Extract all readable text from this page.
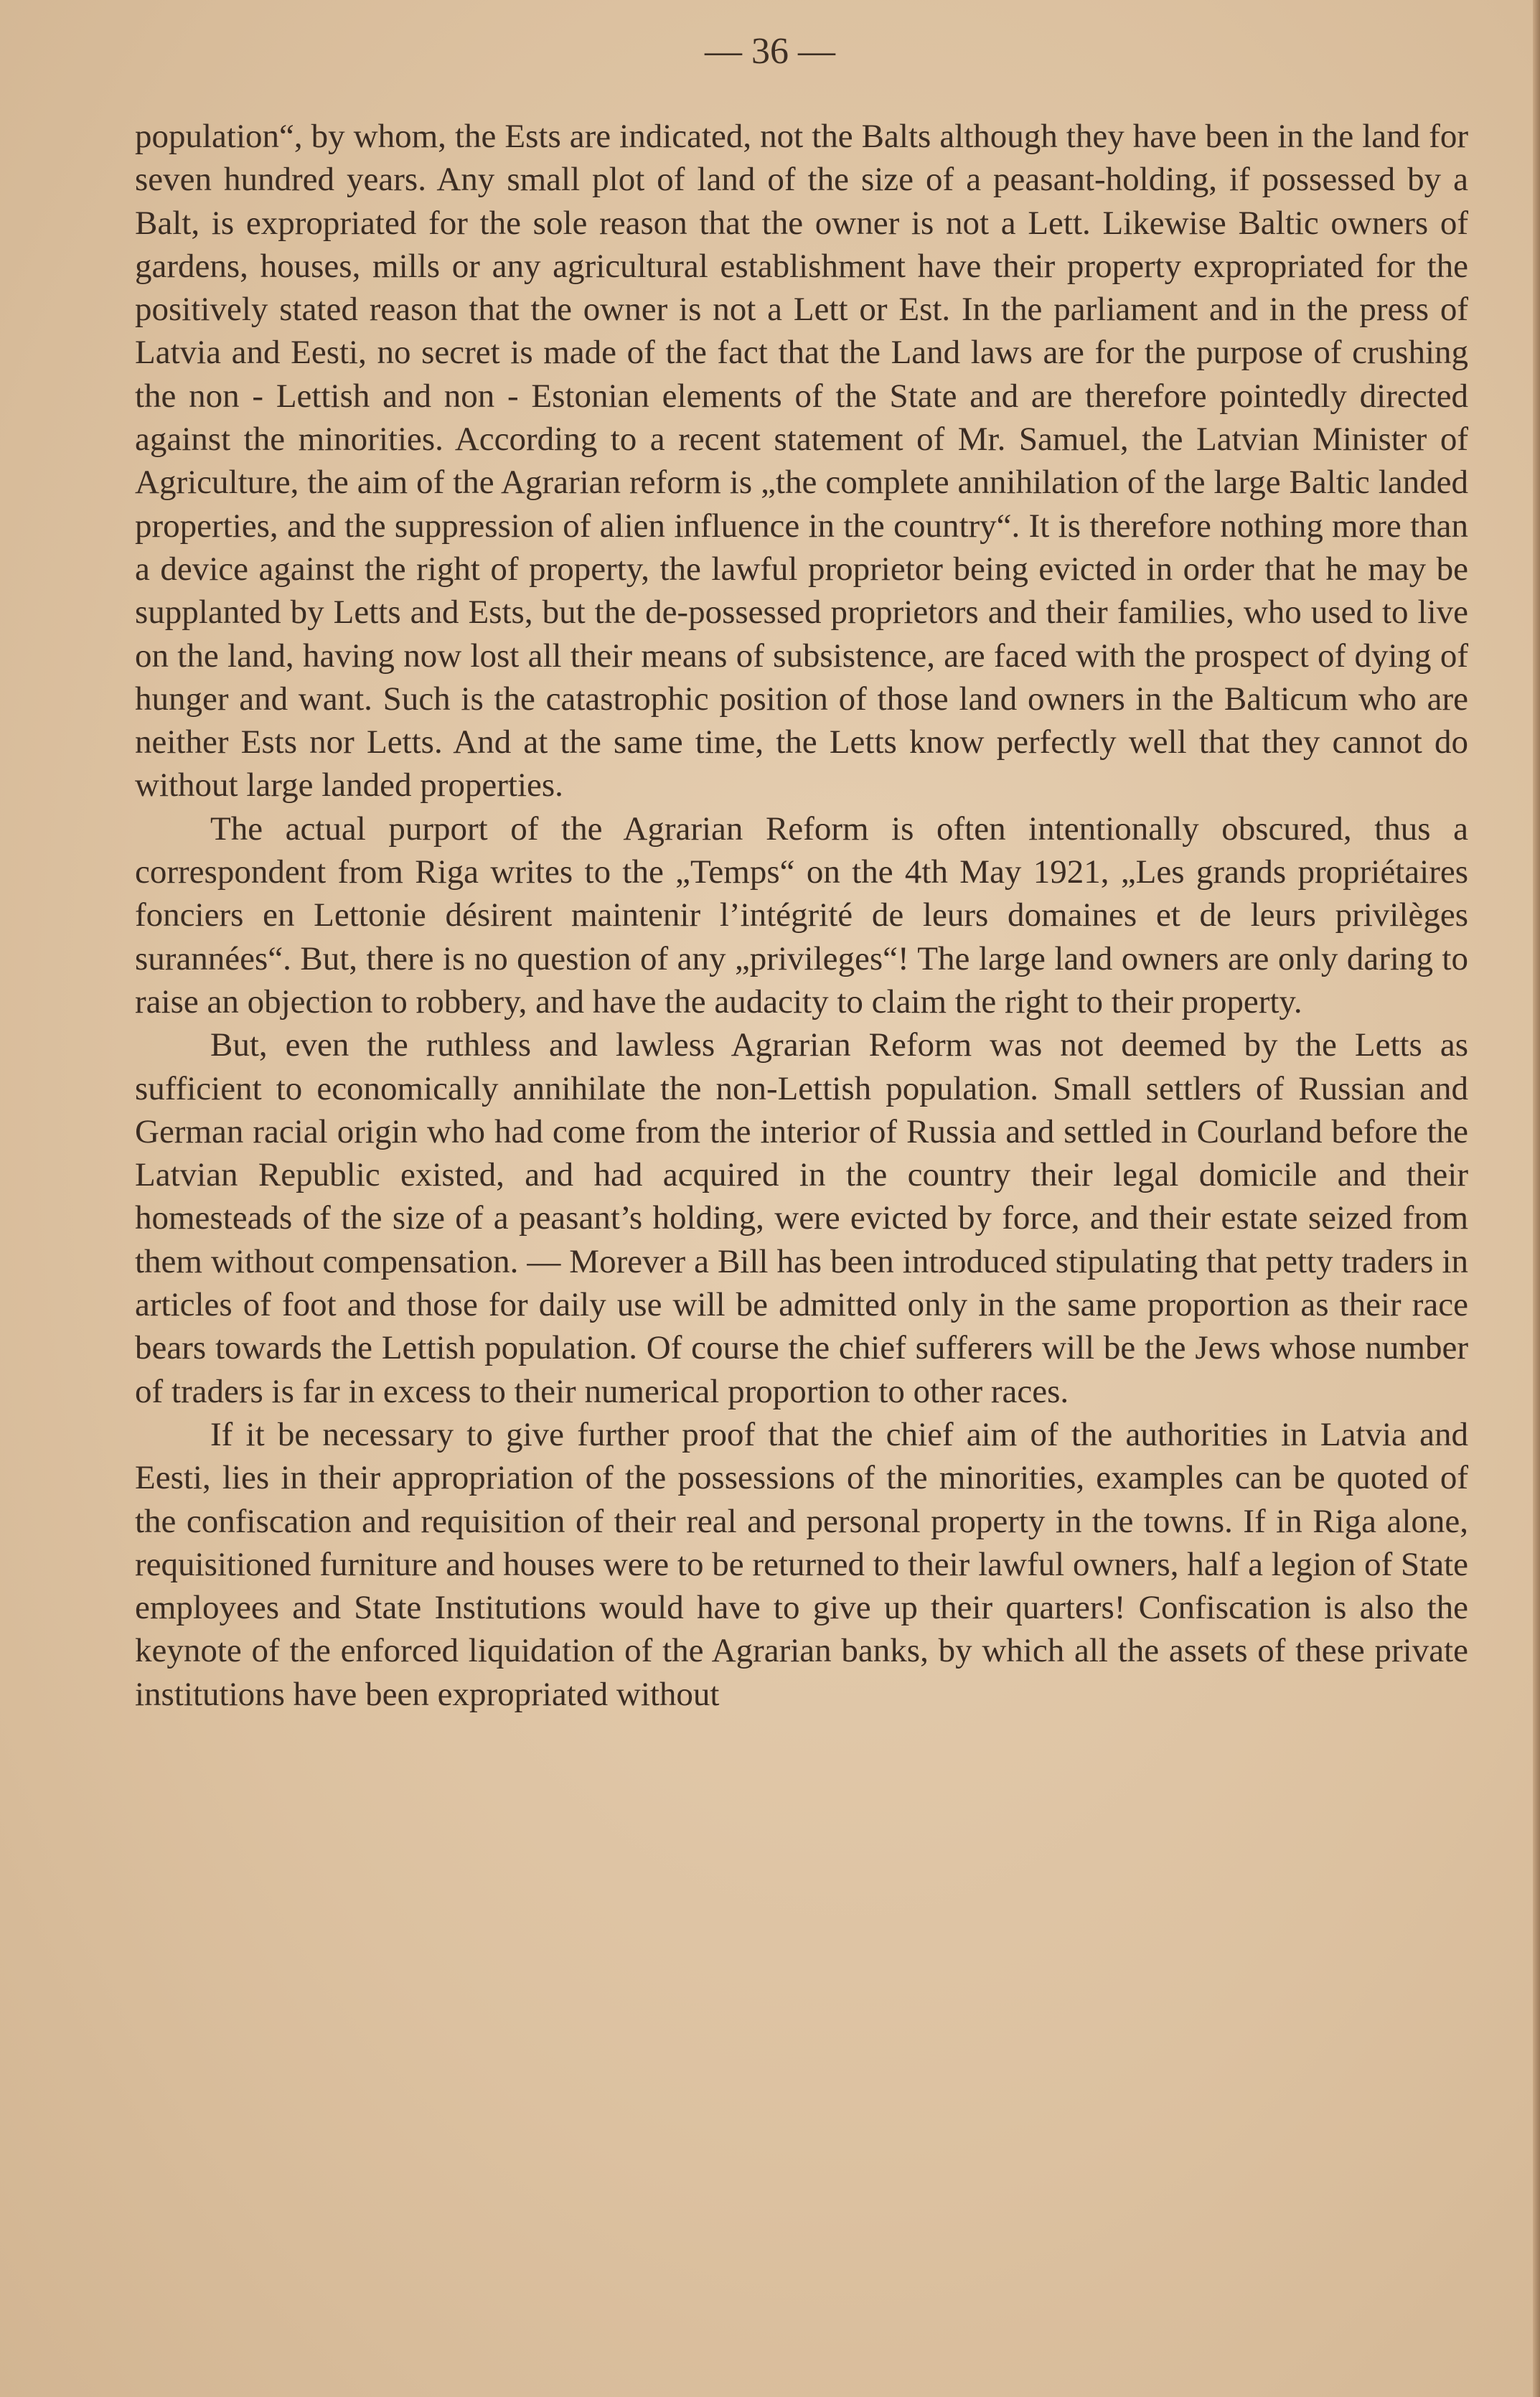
— 36 —

population“, by whom, the Ests are indicated, not the Balts although they have been in the land for seven hundred years. Any small plot of land of the size of a peasant-holding, if possessed by a Balt, is expropriated for the sole reason that the owner is not a Lett. Likewise Baltic owners of gardens, houses, mills or any agricultural establishment have their property expropriated for the positively stated reason that the owner is not a Lett or Est. In the parliament and in the press of Latvia and Eesti, no secret is made of the fact that the Land laws are for the purpose of crushing the non - Lettish and non - Estonian elements of the State and are therefore pointedly directed against the minorities. According to a recent statement of Mr. Samuel, the Latvian Minister of Agriculture, the aim of the Agrarian reform is „the complete annihilation of the large Baltic landed properties, and the suppression of alien influence in the country“. It is therefore nothing more than a device against the right of property, the lawful proprietor being evicted in order that he may be supplanted by Letts and Ests, but the de-possessed proprietors and their families, who used to live on the land, having now lost all their means of subsistence, are faced with the prospect of dying of hunger and want. Such is the catastrophic position of those land owners in the Balticum who are neither Ests nor Letts. And at the same time, the Letts know perfectly well that they cannot do without large landed properties.

The actual purport of the Agrarian Reform is often intentionally obscured, thus a correspondent from Riga writes to the „Temps“ on the 4th May 1921, „Les grands propriétaires fonciers en Lettonie désirent maintenir l’intégrité de leurs domaines et de leurs privilèges surannées“. But, there is no question of any „privileges“! The large land owners are only daring to raise an objection to robbery, and have the audacity to claim the right to their property.

But, even the ruthless and lawless Agrarian Reform was not deemed by the Letts as sufficient to economically annihilate the non-Lettish population. Small settlers of Russian and German racial origin who had come from the interior of Russia and settled in Courland before the Latvian Republic existed, and had acquired in the country their legal domicile and their homesteads of the size of a peasant’s holding, were evicted by force, and their estate seized from them without compensation. — Morever a Bill has been introduced stipulating that petty traders in articles of foot and those for daily use will be admitted only in the same proportion as their race bears towards the Lettish population. Of course the chief sufferers will be the Jews whose number of traders is far in excess to their numerical proportion to other races.

If it be necessary to give further proof that the chief aim of the authorities in Latvia and Eesti, lies in their appropriation of the possessions of the minorities, examples can be quoted of the confiscation and requisition of their real and personal property in the towns. If in Riga alone, requisitioned furniture and houses were to be returned to their lawful owners, half a legion of State employees and State Institutions would have to give up their quarters! Confiscation is also the keynote of the enforced liquidation of the Agrarian banks, by which all the assets of these private institutions have been expropriated without
